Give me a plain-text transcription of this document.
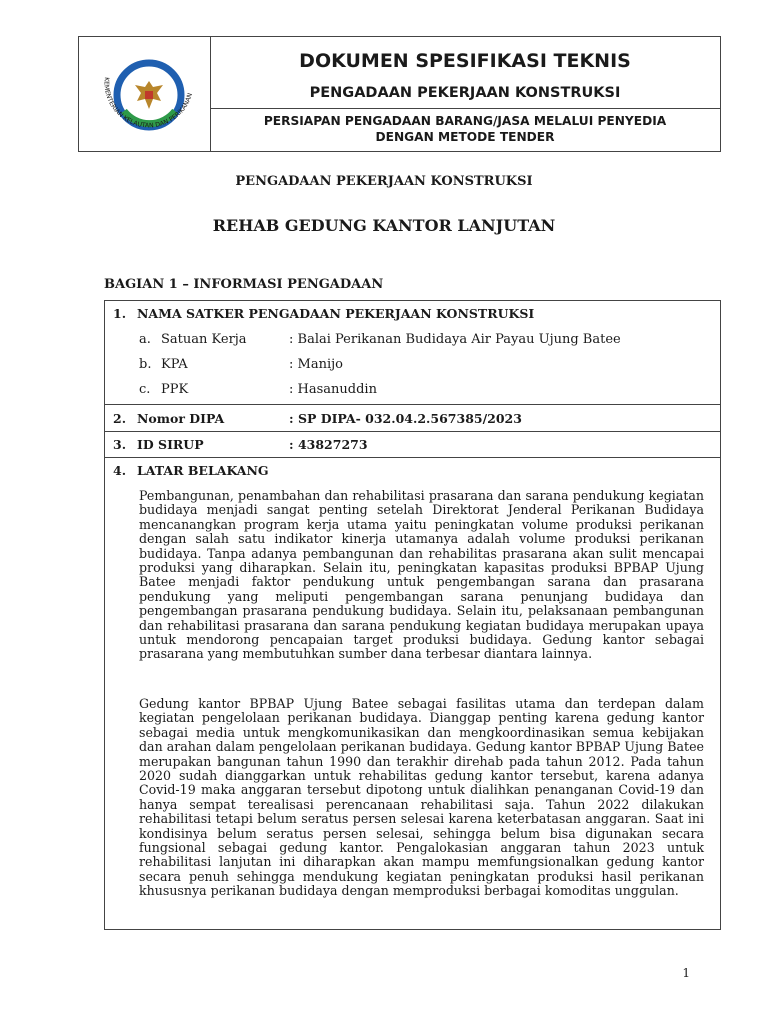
KEMENTERIAN KELAUTAN DAN PERIKANAN
DOKUMEN SPESIFIKASI TEKNIS
PENGADAAN PEKERJAAN KONSTRUKSI
PERSIAPAN PENGADAAN BARANG/JASA MELALUI PENYEDIA
DENGAN METODE TENDER
PENGADAAN PEKERJAAN KONSTRUKSI
REHAB GEDUNG KANTOR LANJUTAN
BAGIAN 1 – INFORMASI PENGADAAN
1. NAMA SATKER PENGADAAN PEKERJAAN KONSTRUKSI
a. Satuan Kerja	: Balai Perikanan Budidaya Air Payau Ujung Batee
b. KPA	: Manijo
c. PPK	: Hasanuddin
2. Nomor DIPA	: SP DIPA- 032.04.2.567385/2023
3. ID SIRUP	: 43827273
4. LATAR BELAKANG

Pembangunan, penambahan dan rehabilitasi prasarana dan sarana pendukung kegiatan budidaya menjadi sangat penting setelah Direktorat Jenderal Perikanan Budidaya mencanangkan program kerja utama yaitu peningkatan volume produksi perikanan dengan salah satu indikator kinerja utamanya adalah volume produksi perikanan budidaya. Tanpa adanya pembangunan dan rehabilitas prasarana akan sulit mencapai produksi yang diharapkan. Selain itu, peningkatan kapasitas produksi BPBAP Ujung Batee menjadi faktor pendukung untuk pengembangan sarana dan prasarana pendukung yang meliputi pengembangan sarana penunjang budidaya dan pengembangan prasarana pendukung budidaya. Selain itu, pelaksanaan pembangunan dan rehabilitasi prasarana dan sarana pendukung kegiatan budidaya merupakan upaya untuk mendorong pencapaian target produksi budidaya. Gedung kantor sebagai prasarana yang membutuhkan sumber dana terbesar diantara lainnya.

Gedung kantor BPBAP Ujung Batee sebagai fasilitas utama dan terdepan dalam kegiatan pengelolaan perikanan budidaya. Dianggap penting karena gedung kantor sebagai media untuk mengkomunikasikan dan mengkoordinasikan semua kebijakan dan arahan dalam pengelolaan perikanan budidaya. Gedung kantor BPBAP Ujung Batee merupakan bangunan tahun 1990 dan terakhir direhab pada tahun 2012. Pada tahun 2020 sudah dianggarkan untuk rehabilitas gedung kantor tersebut, karena adanya Covid-19 maka anggaran tersebut dipotong untuk dialihkan penanganan Covid-19 dan hanya sempat terealisasi perencanaan rehabilitasi saja. Tahun 2022 dilakukan rehabilitasi tetapi belum seratus persen selesai karena keterbatasan anggaran. Saat ini kondisinya belum seratus persen selesai, sehingga belum bisa digunakan secara fungsional sebagai gedung kantor. Pengalokasian anggaran tahun 2023 untuk rehabilitasi lanjutan ini diharapkan akan mampu memfungsionalkan gedung kantor secara penuh sehingga mendukung kegiatan peningkatan produksi hasil perikanan khususnya perikanan budidaya dengan memproduksi berbagai komoditas unggulan.

1
